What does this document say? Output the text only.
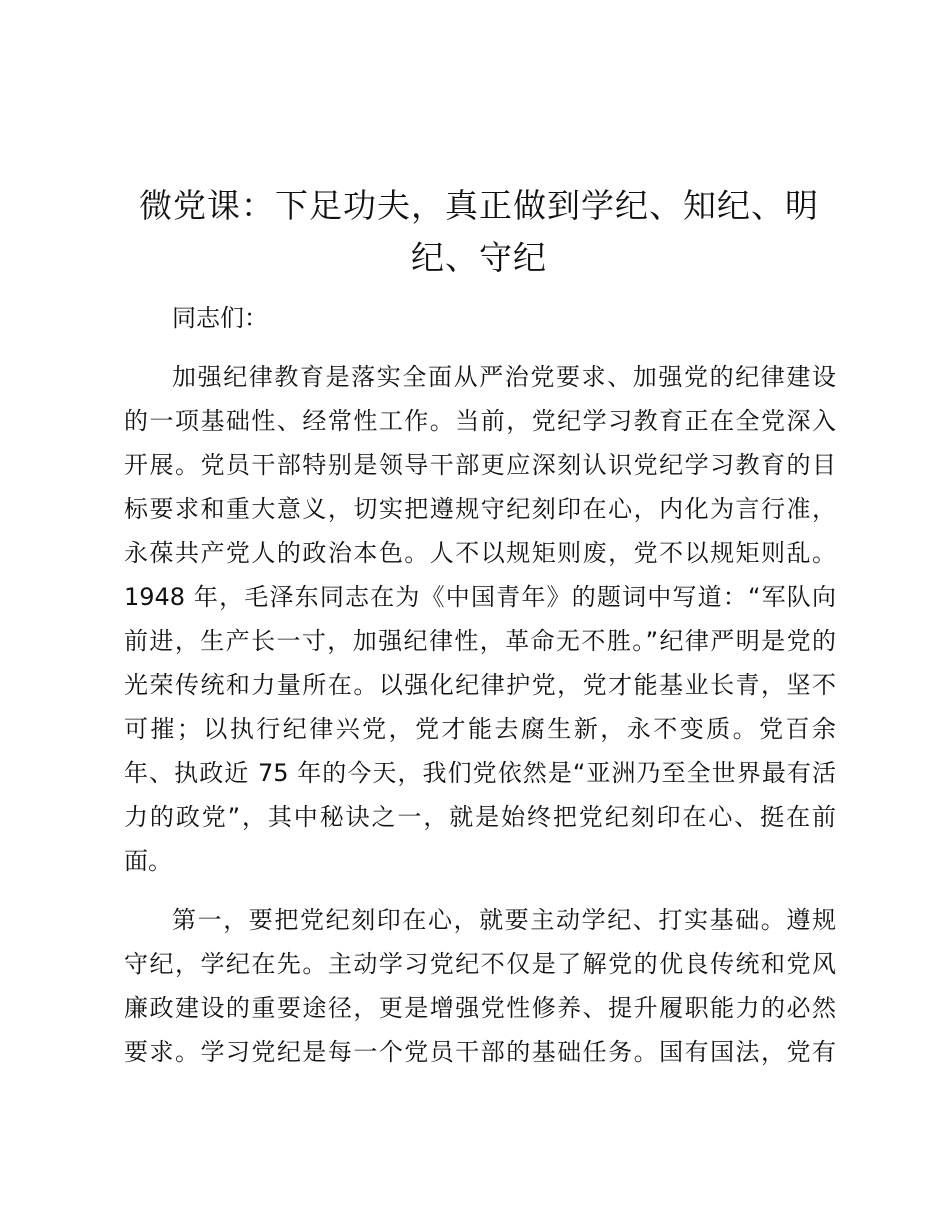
微党课：下足功夫，真正做到学纪、知纪、明
纪、守纪
同志们：
加强纪律教育是落实全面从严治党要求、加强党的纪律建设
的一项基础性、经常性工作。当前，党纪学习教育正在全党深入
开展。党员干部特别是领导干部更应深刻认识党纪学习教育的目
标要求和重大意义，切实把遵规守纪刻印在心，内化为言行准，
永葆共产党人的政治本色。人不以规矩则废，党不以规矩则乱。
1948 年，毛泽东同志在为《中国青年》的题词中写道：“军队向
前进，生产长一寸，加强纪律性，革命无不胜。”纪律严明是党的
光荣传统和力量所在。以强化纪律护党，党才能基业长青，坚不
可摧；以执行纪律兴党，党才能去腐生新，永不变质。党百余
年、执政近 75 年的今天，我们党依然是“亚洲乃至全世界最有活
力的政党”，其中秘诀之一，就是始终把党纪刻印在心、挺在前
面。
第一，要把党纪刻印在心，就要主动学纪、打实基础。遵规
守纪，学纪在先。主动学习党纪不仅是了解党的优良传统和党风
廉政建设的重要途径，更是增强党性修养、提升履职能力的必然
要求。学习党纪是每一个党员干部的基础任务。国有国法，党有
